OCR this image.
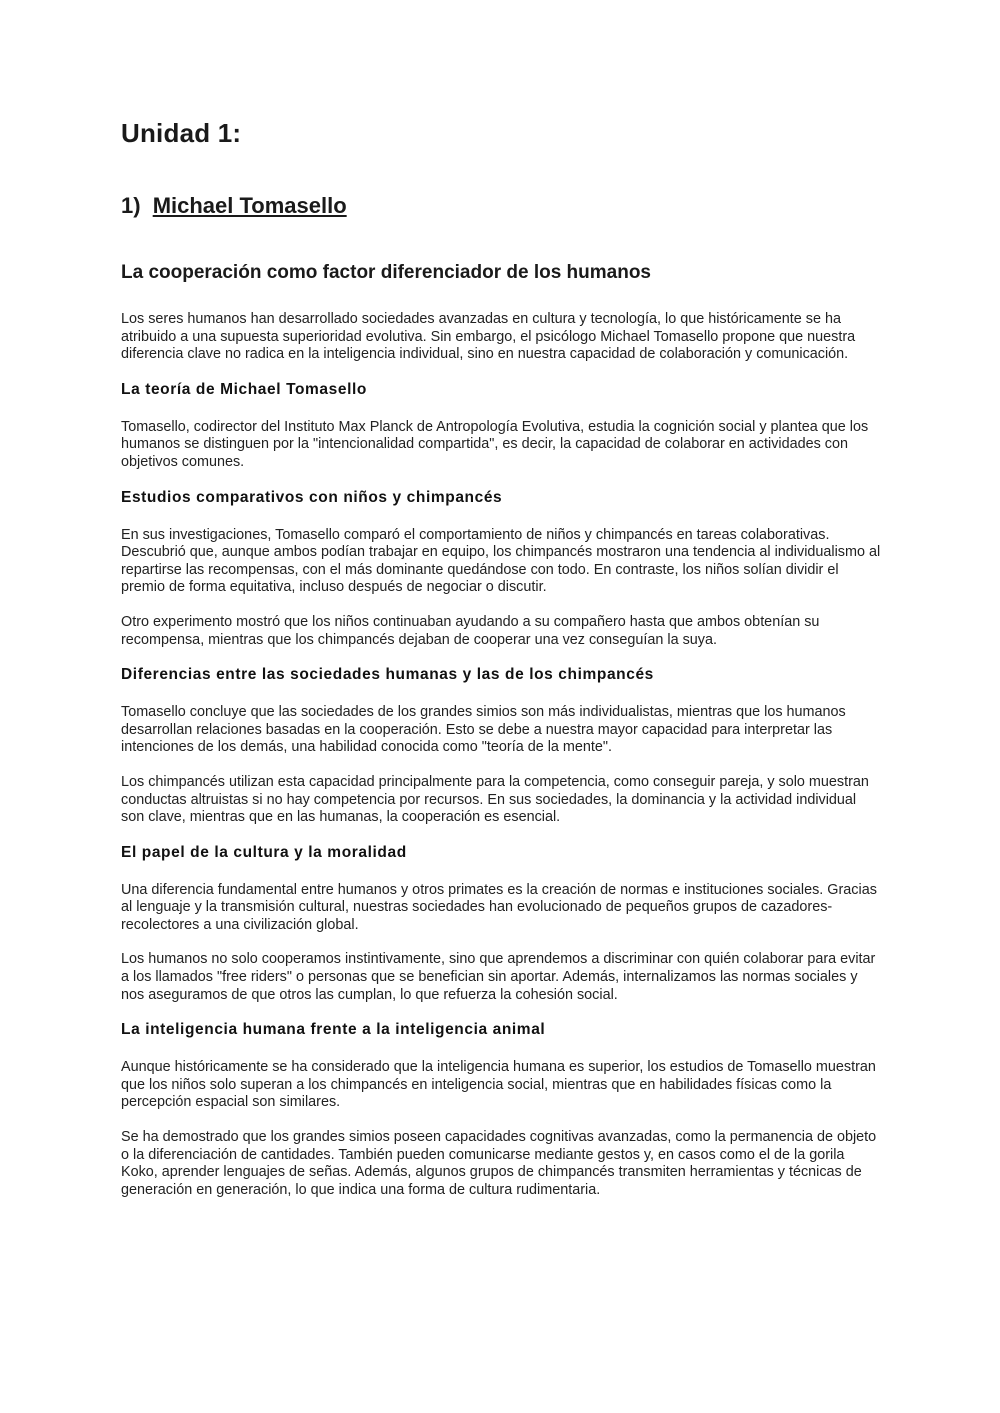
Unidad 1:
1) Michael Tomasello
La cooperación como factor diferenciador de los humanos

Los seres humanos han desarrollado sociedades avanzadas en cultura y tecnología, lo que históricamente se ha atribuido a una supuesta superioridad evolutiva. Sin embargo, el psicólogo Michael Tomasello propone que nuestra diferencia clave no radica en la inteligencia individual, sino en nuestra capacidad de colaboración y comunicación.

La teoría de Michael Tomasello

Tomasello, codirector del Instituto Max Planck de Antropología Evolutiva, estudia la cognición social y plantea que los humanos se distinguen por la "intencionalidad compartida", es decir, la capacidad de colaborar en actividades con objetivos comunes.

Estudios comparativos con niños y chimpancés

En sus investigaciones, Tomasello comparó el comportamiento de niños y chimpancés en tareas colaborativas. Descubrió que, aunque ambos podían trabajar en equipo, los chimpancés mostraron una tendencia al individualismo al repartirse las recompensas, con el más dominante quedándose con todo. En contraste, los niños solían dividir el premio de forma equitativa, incluso después de negociar o discutir.

Otro experimento mostró que los niños continuaban ayudando a su compañero hasta que ambos obtenían su recompensa, mientras que los chimpancés dejaban de cooperar una vez conseguían la suya.

Diferencias entre las sociedades humanas y las de los chimpancés

Tomasello concluye que las sociedades de los grandes simios son más individualistas, mientras que los humanos desarrollan relaciones basadas en la cooperación. Esto se debe a nuestra mayor capacidad para interpretar las intenciones de los demás, una habilidad conocida como "teoría de la mente".

Los chimpancés utilizan esta capacidad principalmente para la competencia, como conseguir pareja, y solo muestran conductas altruistas si no hay competencia por recursos. En sus sociedades, la dominancia y la actividad individual son clave, mientras que en las humanas, la cooperación es esencial.

El papel de la cultura y la moralidad

Una diferencia fundamental entre humanos y otros primates es la creación de normas e instituciones sociales. Gracias al lenguaje y la transmisión cultural, nuestras sociedades han evolucionado de pequeños grupos de cazadores-recolectores a una civilización global.

Los humanos no solo cooperamos instintivamente, sino que aprendemos a discriminar con quién colaborar para evitar a los llamados "free riders" o personas que se benefician sin aportar. Además, internalizamos las normas sociales y nos aseguramos de que otros las cumplan, lo que refuerza la cohesión social.

La inteligencia humana frente a la inteligencia animal

Aunque históricamente se ha considerado que la inteligencia humana es superior, los estudios de Tomasello muestran que los niños solo superan a los chimpancés en inteligencia social, mientras que en habilidades físicas como la percepción espacial son similares.

Se ha demostrado que los grandes simios poseen capacidades cognitivas avanzadas, como la permanencia de objeto o la diferenciación de cantidades. También pueden comunicarse mediante gestos y, en casos como el de la gorila Koko, aprender lenguajes de señas. Además, algunos grupos de chimpancés transmiten herramientas y técnicas de generación en generación, lo que indica una forma de cultura rudimentaria.
